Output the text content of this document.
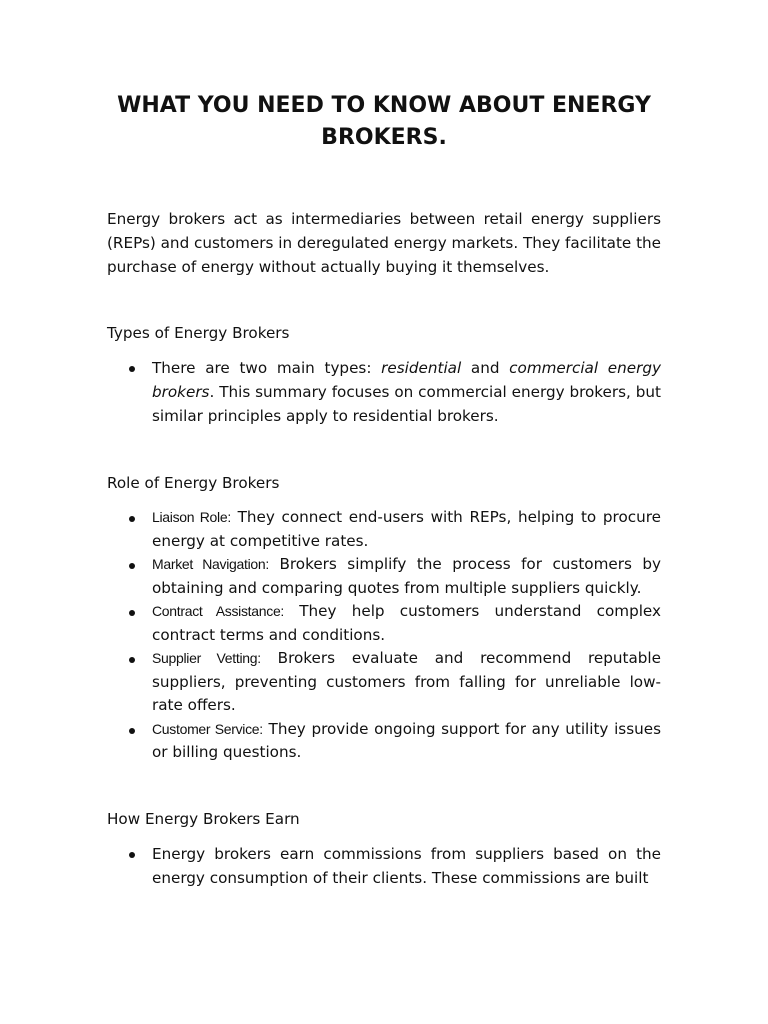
WHAT YOU NEED TO KNOW ABOUT ENERGY BROKERS.

Energy brokers act as intermediaries between retail energy suppliers (REPs) and customers in deregulated energy markets. They facilitate the purchase of energy without actually buying it themselves.

Types of Energy Brokers
There are two main types: residential and commercial energy brokers. This summary focuses on commercial energy brokers, but similar principles apply to residential brokers.
Role of Energy Brokers
Liaison Role: They connect end-users with REPs, helping to procure energy at competitive rates.
Market Navigation: Brokers simplify the process for customers by obtaining and comparing quotes from multiple suppliers quickly.
Contract Assistance: They help customers understand complex contract terms and conditions.
Supplier Vetting: Brokers evaluate and recommend reputable suppliers, preventing customers from falling for unreliable low-rate offers.
Customer Service: They provide ongoing support for any utility issues or billing questions.
How Energy Brokers Earn
Energy brokers earn commissions from suppliers based on the energy consumption of their clients. These commissions are built
